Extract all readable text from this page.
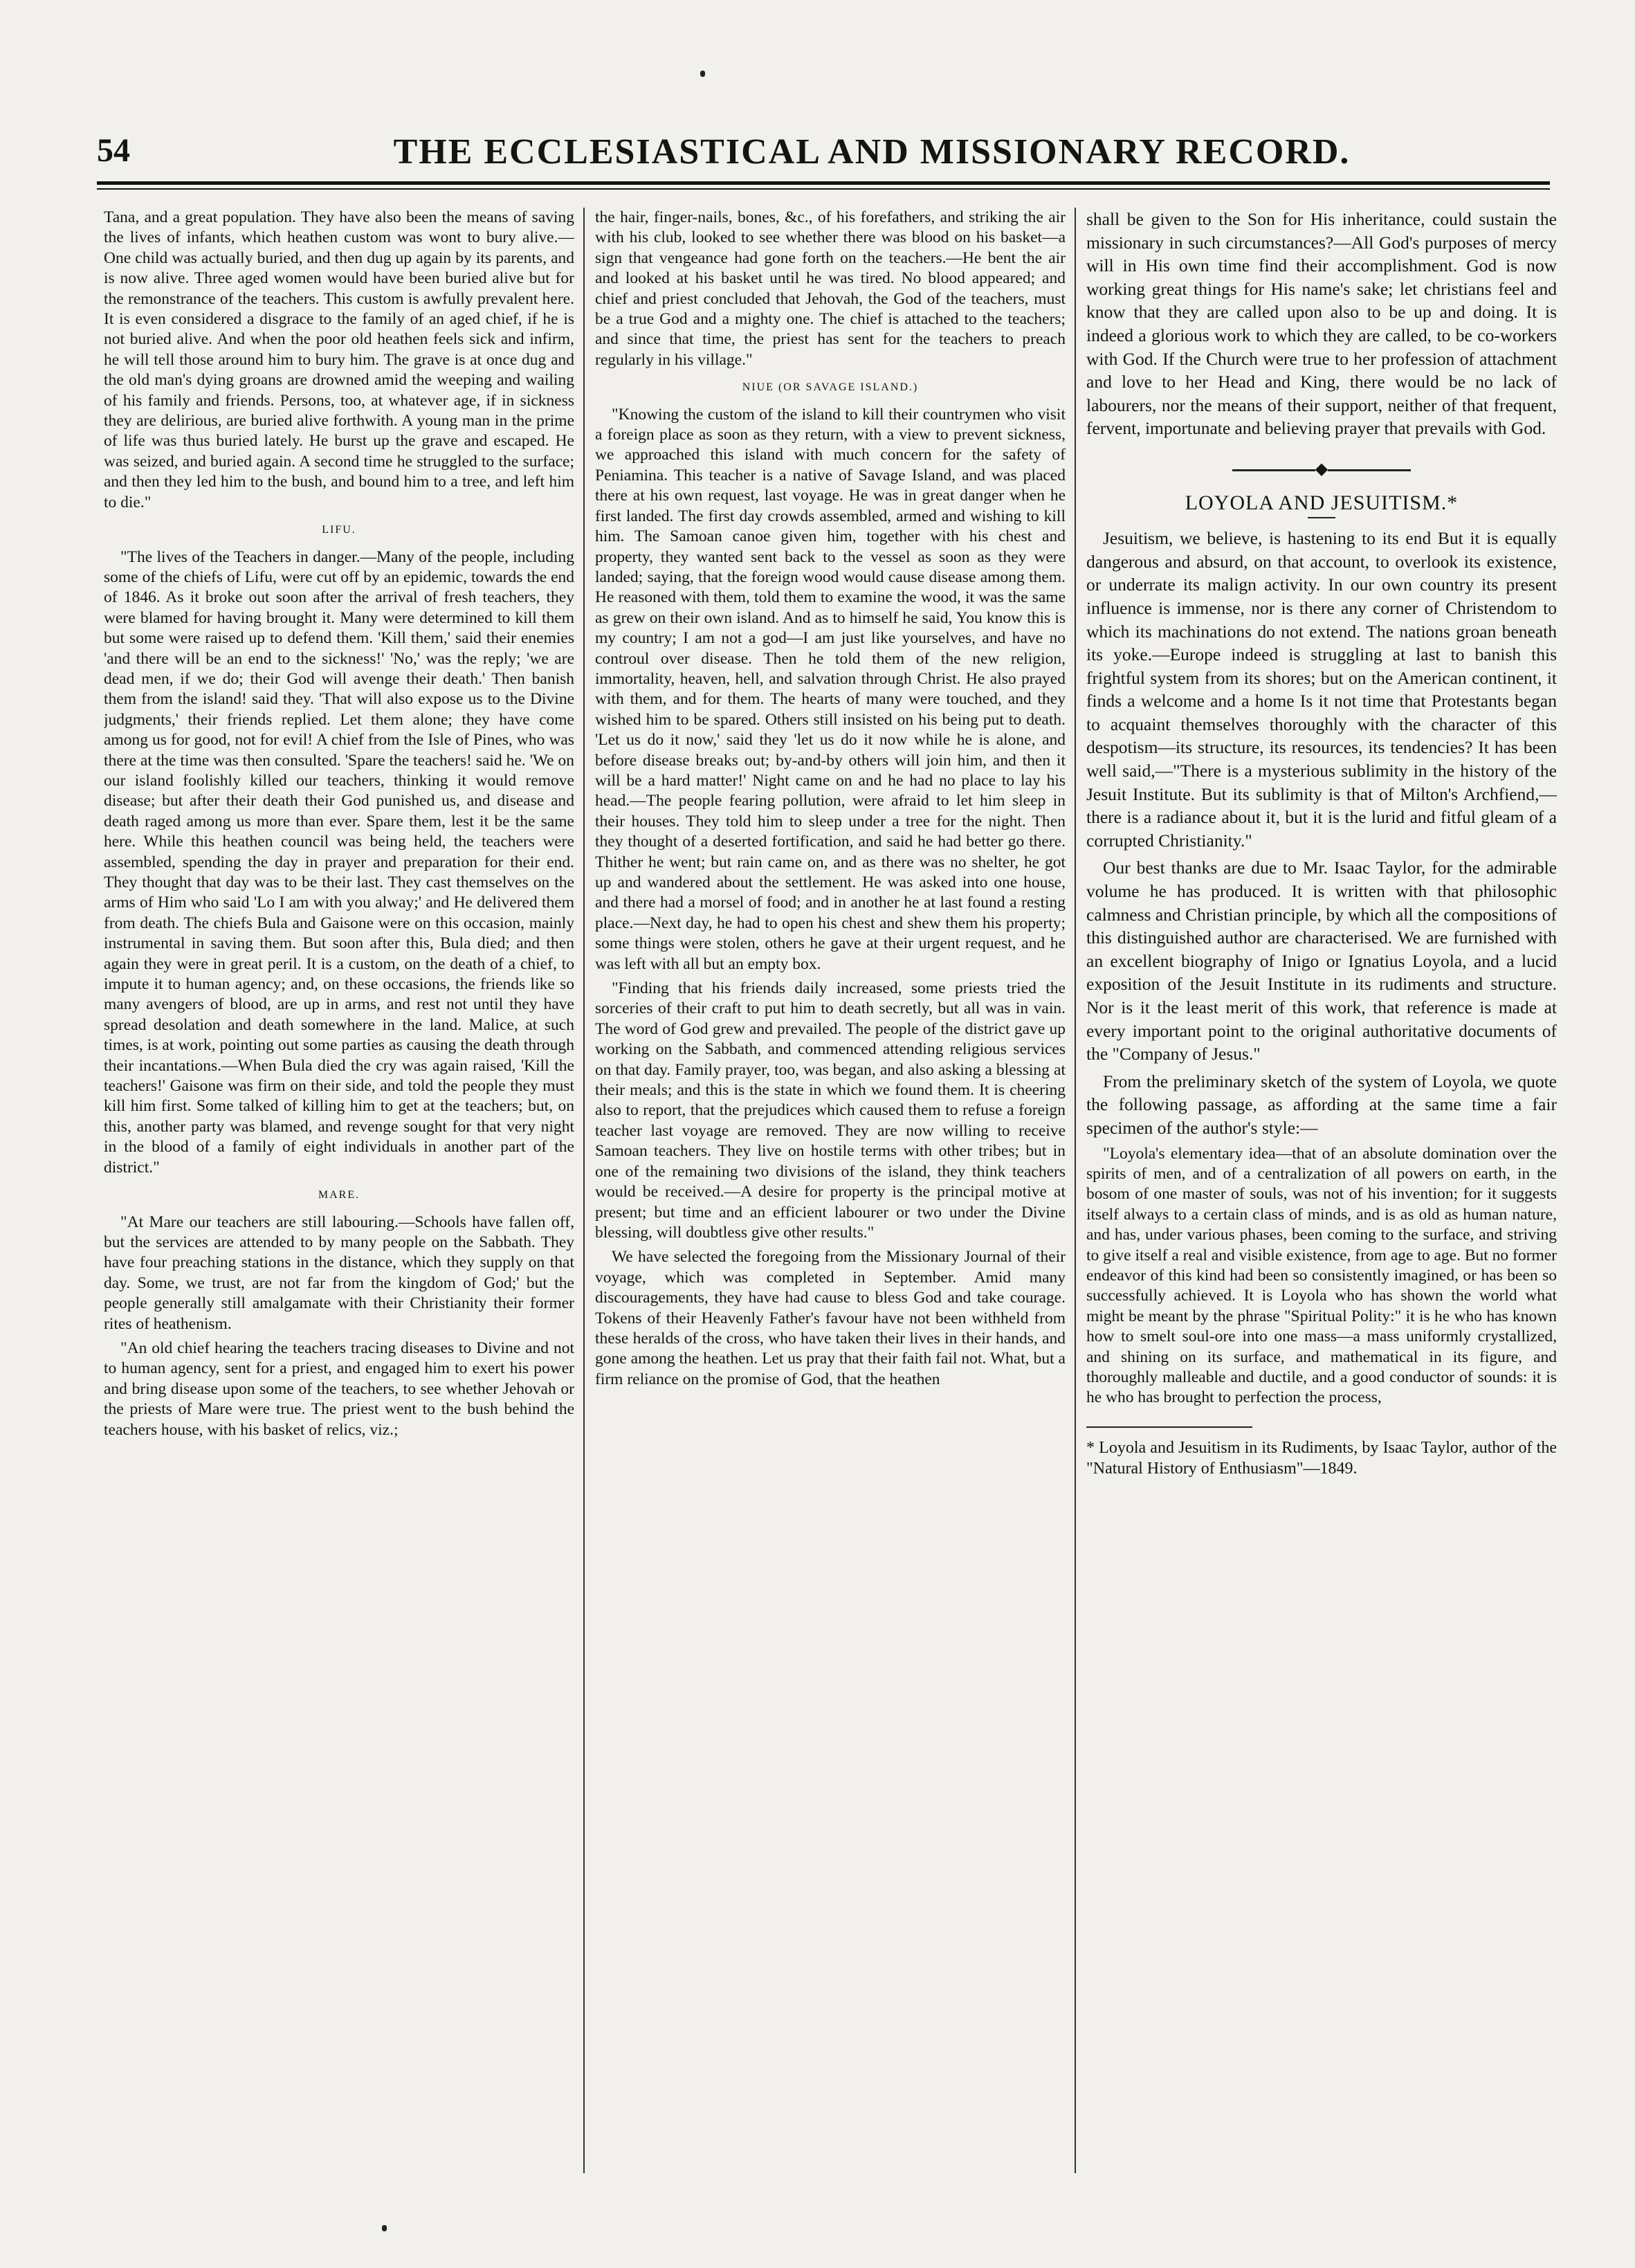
54	THE ECCLESIASTICAL AND MISSIONARY RECORD.

Tana, and a great population. They have also been the means of saving the lives of infants, which heathen custom was wont to bury alive.—One child was actually buried, and then dug up again by its parents, and is now alive. Three aged women would have been buried alive but for the remonstrance of the teachers. This custom is awfully prevalent here. It is even considered a disgrace to the family of an aged chief, if he is not buried alive. And when the poor old heathen feels sick and infirm, he will tell those around him to bury him. The grave is at once dug and the old man's dying groans are drowned amid the weeping and wailing of his family and friends. Persons, too, at whatever age, if in sickness they are delirious, are buried alive forthwith. A young man in the prime of life was thus buried lately. He burst up the grave and escaped. He was seized, and buried again. A second time he struggled to the surface; and then they led him to the bush, and bound him to a tree, and left him to die."

LIFU.

"The lives of the Teachers in danger.—Many of the people, including some of the chiefs of Lifu, were cut off by an epidemic, towards the end of 1846. As it broke out soon after the arrival of fresh teachers, they were blamed for having brought it. Many were determined to kill them but some were raised up to defend them. 'Kill them,' said their enemies 'and there will be an end to the sickness!' 'No,' was the reply; 'we are dead men, if we do; their God will avenge their death.' Then banish them from the island! said they. 'That will also expose us to the Divine judgments,' their friends replied. Let them alone; they have come among us for good, not for evil! A chief from the Isle of Pines, who was there at the time was then consulted. 'Spare the teachers! said he. 'We on our island foolishly killed our teachers, thinking it would remove disease; but after their death their God punished us, and disease and death raged among us more than ever. Spare them, lest it be the same here. While this heathen council was being held, the teachers were assembled, spending the day in prayer and preparation for their end. They thought that day was to be their last. They cast themselves on the arms of Him who said 'Lo I am with you alway;' and He delivered them from death. The chiefs Bula and Gaisone were on this occasion, mainly instrumental in saving them. But soon after this, Bula died; and then again they were in great peril. It is a custom, on the death of a chief, to impute it to human agency; and, on these occasions, the friends like so many avengers of blood, are up in arms, and rest not until they have spread desolation and death somewhere in the land. Malice, at such times, is at work, pointing out some parties as causing the death through their incantations.—When Bula died the cry was again raised, 'Kill the teachers!' Gaisone was firm on their side, and told the people they must kill him first. Some talked of killing him to get at the teachers; but, on this, another party was blamed, and revenge sought for that very night in the blood of a family of eight individuals in another part of the district."

MARE.

"At Mare our teachers are still labouring.—Schools have fallen off, but the services are attended to by many people on the Sabbath. They have four preaching stations in the distance, which they supply on that day. Some, we trust, are not far from the kingdom of God;' but the people generally still amalgamate with their Christianity their former rites of heathenism.

"An old chief hearing the teachers tracing diseases to Divine and not to human agency, sent for a priest, and engaged him to exert his power and bring disease upon some of the teachers, to see whether Jehovah or the priests of Mare were true. The priest went to the bush behind the teachers house, with his basket of relics, viz.;

the hair, finger-nails, bones, &c., of his forefathers, and striking the air with his club, looked to see whether there was blood on his basket—a sign that vengeance had gone forth on the teachers.—He bent the air and looked at his basket until he was tired. No blood appeared; and chief and priest concluded that Jehovah, the God of the teachers, must be a true God and a mighty one. The chief is attached to the teachers; and since that time, the priest has sent for the teachers to preach regularly in his village."

NIUE (OR SAVAGE ISLAND.)

"Knowing the custom of the island to kill their countrymen who visit a foreign place as soon as they return, with a view to prevent sickness, we approached this island with much concern for the safety of Peniamina. This teacher is a native of Savage Island, and was placed there at his own request, last voyage. He was in great danger when he first landed. The first day crowds assembled, armed and wishing to kill him. The Samoan canoe given him, together with his chest and property, they wanted sent back to the vessel as soon as they were landed; saying, that the foreign wood would cause disease among them. He reasoned with them, told them to examine the wood, it was the same as grew on their own island. And as to himself he said, You know this is my country; I am not a god—I am just like yourselves, and have no controul over disease. Then he told them of the new religion, immortality, heaven, hell, and salvation through Christ. He also prayed with them, and for them. The hearts of many were touched, and they wished him to be spared. Others still insisted on his being put to death. 'Let us do it now,' said they 'let us do it now while he is alone, and before disease breaks out; by-and-by others will join him, and then it will be a hard matter!' Night came on and he had no place to lay his head.—The people fearing pollution, were afraid to let him sleep in their houses. They told him to sleep under a tree for the night. Then they thought of a deserted fortification, and said he had better go there. Thither he went; but rain came on, and as there was no shelter, he got up and wandered about the settlement. He was asked into one house, and there had a morsel of food; and in another he at last found a resting place.—Next day, he had to open his chest and shew them his property; some things were stolen, others he gave at their urgent request, and he was left with all but an empty box.

"Finding that his friends daily increased, some priests tried the sorceries of their craft to put him to death secretly, but all was in vain. The word of God grew and prevailed. The people of the district gave up working on the Sabbath, and commenced attending religious services on that day. Family prayer, too, was began, and also asking a blessing at their meals; and this is the state in which we found them. It is cheering also to report, that the prejudices which caused them to refuse a foreign teacher last voyage are removed. They are now willing to receive Samoan teachers. They live on hostile terms with other tribes; but in one of the remaining two divisions of the island, they think teachers would be received.—A desire for property is the principal motive at present; but time and an efficient labourer or two under the Divine blessing, will doubtless give other results."

We have selected the foregoing from the Missionary Journal of their voyage, which was completed in September. Amid many discouragements, they have had cause to bless God and take courage. Tokens of their Heavenly Father's favour have not been withheld from these heralds of the cross, who have taken their lives in their hands, and gone among the heathen. Let us pray that their faith fail not. What, but a firm reliance on the promise of God, that the heathen

shall be given to the Son for His inheritance, could sustain the missionary in such circumstances?—All God's purposes of mercy will in His own time find their accomplishment. God is now working great things for His name's sake; let christians feel and know that they are called upon also to be up and doing. It is indeed a glorious work to which they are called, to be co-workers with God. If the Church were true to her profession of attachment and love to her Head and King, there would be no lack of labourers, nor the means of their support, neither of that frequent, fervent, importunate and believing prayer that prevails with God.

◆
LOYOLA AND JESUITISM.*

Jesuitism, we believe, is hastening to its end But it is equally dangerous and absurd, on that account, to overlook its existence, or underrate its malign activity. In our own country its present influence is immense, nor is there any corner of Christendom to which its machinations do not extend. The nations groan beneath its yoke.—Europe indeed is struggling at last to banish this frightful system from its shores; but on the American continent, it finds a welcome and a home Is it not time that Protestants began to acquaint themselves thoroughly with the character of this despotism—its structure, its resources, its tendencies? It has been well said,—"There is a mysterious sublimity in the history of the Jesuit Institute. But its sublimity is that of Milton's Archfiend,—there is a radiance about it, but it is the lurid and fitful gleam of a corrupted Christianity."

Our best thanks are due to Mr. Isaac Taylor, for the admirable volume he has produced. It is written with that philosophic calmness and Christian principle, by which all the compositions of this distinguished author are characterised. We are furnished with an excellent biography of Inigo or Ignatius Loyola, and a lucid exposition of the Jesuit Institute in its rudiments and structure. Nor is it the least merit of this work, that reference is made at every important point to the original authoritative documents of the "Company of Jesus."

From the preliminary sketch of the system of Loyola, we quote the following passage, as affording at the same time a fair specimen of the author's style:—

"Loyola's elementary idea—that of an absolute domination over the spirits of men, and of a centralization of all powers on earth, in the bosom of one master of souls, was not of his invention; for it suggests itself always to a certain class of minds, and is as old as human nature, and has, under various phases, been coming to the surface, and striving to give itself a real and visible existence, from age to age. But no former endeavor of this kind had been so consistently imagined, or has been so successfully achieved. It is Loyola who has shown the world what might be meant by the phrase "Spiritual Polity:" it is he who has known how to smelt soul-ore into one mass—a mass uniformly crystallized, and shining on its surface, and mathematical in its figure, and thoroughly malleable and ductile, and a good conductor of sounds: it is he who has brought to perfection the process,

* Loyola and Jesuitism in its Rudiments, by Isaac Taylor, author of the "Natural History of Enthusiasm"—1849.
